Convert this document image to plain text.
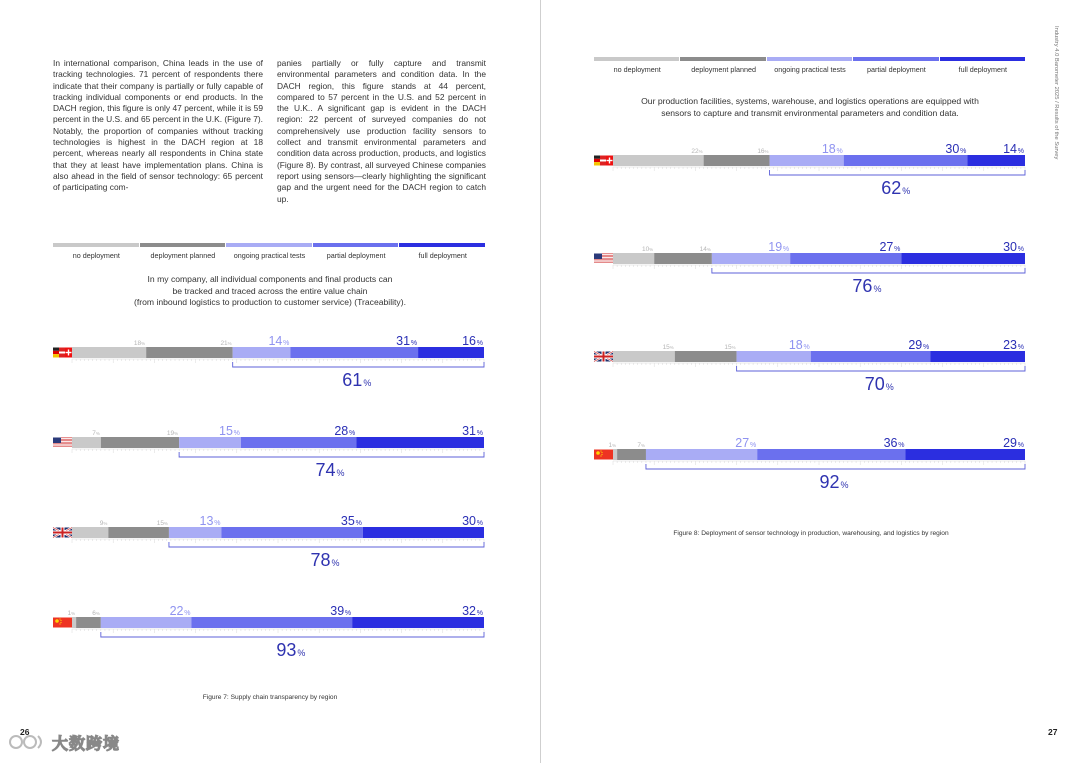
In international comparison, China leads in the use of tracking technologies. 71 percent of respondents there indicate that their company is partially or fully capable of tracking individual components or end products. In the DACH region, this figure is only 47 percent, while it is 59 percent in the U.S. and 65 percent in the U.K. (Figure 7). Notably, the proportion of companies without tracking technologies is highest in the DACH region at 18 percent, whereas nearly all respondents in China state that they at least have implementation plans. China is also ahead in the field of sensor technology: 65 percent of participating com-

panies partially or fully capture and transmit environmental parameters and condition data. In the DACH region, this figure stands at 44 percent, compared to 57 percent in the U.S. and 52 percent in the U.K.. A significant gap is evident in the DACH region: 22 percent of surveyed companies do not comprehensively use production facility sensors to collect and transmit environmental parameters and condition data across production, products, and logistics (Figure 8). By contrast, all surveyed Chinese companies report using sensors—clearly highlighting the significant gap and the urgent need for the DACH region to catch up.

no deployment	deployment planned	ongoing practical tests	partial deployment	full deployment
In my company, all individual components and final products can
be tracked and traced across the entire value chain
(from inbound logistics to production to customer service) (Traceability).
18 %	21 %	14 %	31 %	16 %
61 %
7 %	19 %	15 %	28 %	31 %
74 %
9 %	15 %	13 %	35 %	30 %
78 %
1 %	6 %	22 %	39 %	32 %
93 %
Figure 7: Supply chain transparency by region
26
大数跨境
no deployment	deployment planned	ongoing practical tests	partial deployment	full deployment
Our production facilities, systems, warehouse, and logistics operations are equipped with
sensors to capture and transmit environmental parameters and condition data.
22 %	16 %	18 %	30 %	14 %
62 %
10 %	14 %	19 %	27 %	30 %
76 %
15 %	15 %	18 %	29 %	23 %
70 %
1 %	7 %	27 %	36 %	29 %
92 %
Figure 8: Deployment of sensor technology in production, warehousing, and logistics by region
27
Industry 4.0 Barometer 2025 / Results of the Survey
